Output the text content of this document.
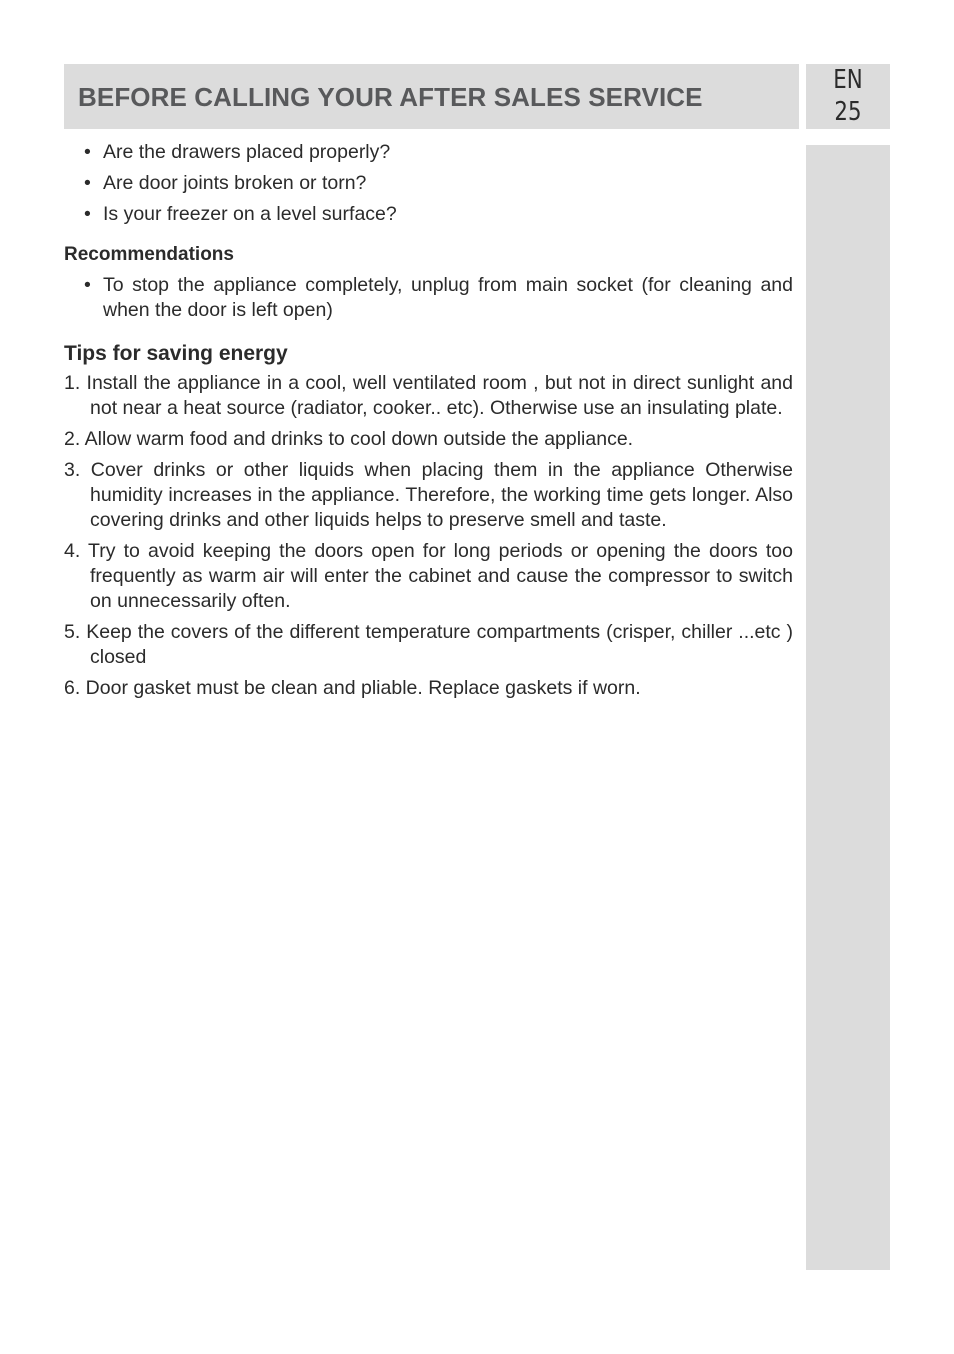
BEFORE CALLING YOUR AFTER SALES SERVICE
EN
25
• Are the drawers placed properly?
• Are door joints broken or torn?
• Is your freezer on a level surface?
Recommendations
• To stop the appliance completely, unplug from main socket (for cleaning and when the door is left open)
Tips for saving energy
1. Install the appliance in a cool, well ventilated room , but not in direct sunlight and not near a heat source (radiator, cooker.. etc). Otherwise use an insulating plate.
2. Allow warm food and drinks to cool down outside the appliance.
3. Cover drinks or other liquids when placing them in the appliance Otherwise humidity increases in the appliance. Therefore, the working time gets longer. Also covering drinks and other liquids helps to preserve smell and taste.
4. Try to avoid keeping the doors open for long periods or opening the doors too frequently as warm air will enter the cabinet and cause the compressor to switch on unnecessarily often.
5. Keep the covers of the different temperature compartments (crisper, chiller ...etc ) closed
6. Door gasket must be clean and pliable. Replace gaskets if worn.
